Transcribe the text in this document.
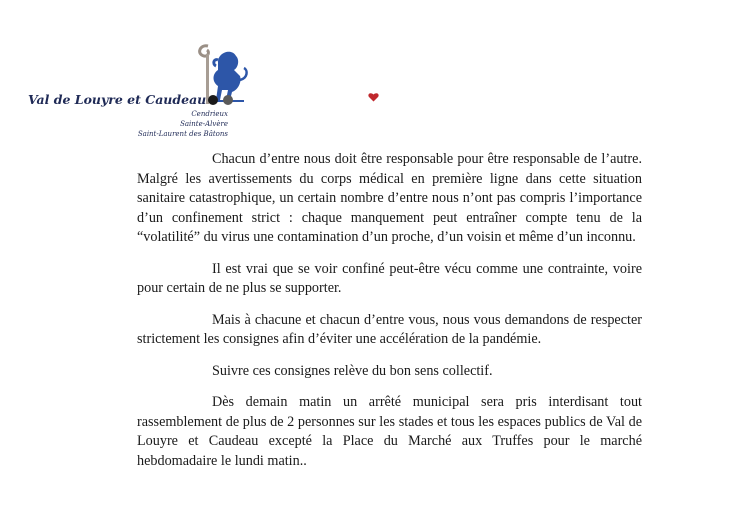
Val de Louyre et Caudeau
Cendrieux
Sainte-Alvère
Saint-Laurent des Bâtons

Chacun d’entre nous doit être responsable pour être responsable de l’autre. Malgré les avertissements du corps médical en première ligne dans cette situation sanitaire catastrophique, un certain nombre d’entre nous n’ont pas compris l’importance d’un confinement strict : chaque manquement peut entraîner compte tenu de la “volatilité” du virus une contamination d’un proche, d’un voisin et même d’un inconnu.

Il est vrai que se voir confiné peut-être vécu comme une contrainte, voire pour certain de ne plus se supporter.

Mais à chacune et chacun d’entre vous, nous vous demandons de respecter strictement les consignes afin d’éviter une accélération de la pandémie.

Suivre ces consignes relève du bon sens collectif.

Dès demain matin un arrêté municipal sera pris interdisant tout rassemblement de plus de 2 personnes sur les stades et tous les espaces publics de Val de Louyre et Caudeau excepté la Place du Marché aux Truffes pour le marché hebdomadaire le lundi matin..
